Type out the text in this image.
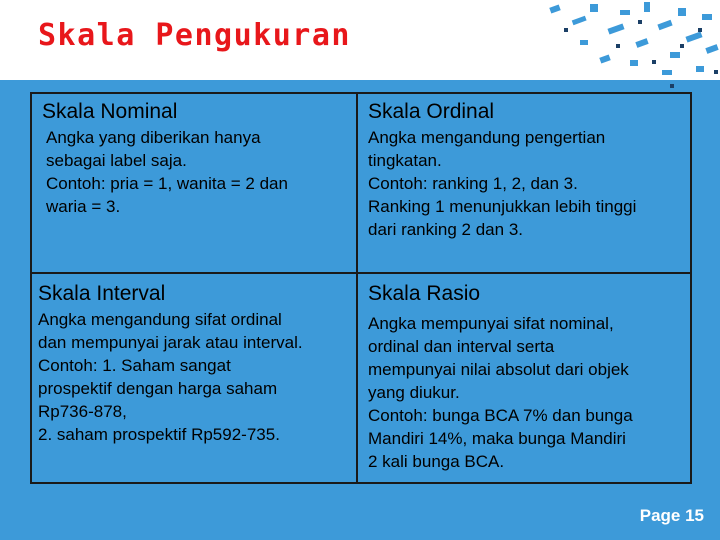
Skala Pengukuran
Skala Nominal
Angka yang diberikan hanya
sebagai label saja.
Contoh: pria = 1, wanita = 2 dan
waria = 3.
Skala Ordinal
Angka mengandung pengertian
tingkatan.
Contoh: ranking 1, 2, dan 3.
Ranking 1 menunjukkan lebih tinggi
dari ranking 2 dan 3.
Skala Interval
Angka mengandung sifat ordinal
dan mempunyai jarak atau interval.
Contoh: 1. Saham sangat
prospektif dengan harga saham
Rp736-878,
2. saham prospektif Rp592-735.
Skala Rasio
Angka mempunyai sifat nominal,
ordinal dan interval serta
mempunyai nilai absolut dari objek
yang diukur.
Contoh: bunga BCA 7% dan bunga
Mandiri 14%, maka bunga Mandiri
2 kali bunga BCA.
Page 15
